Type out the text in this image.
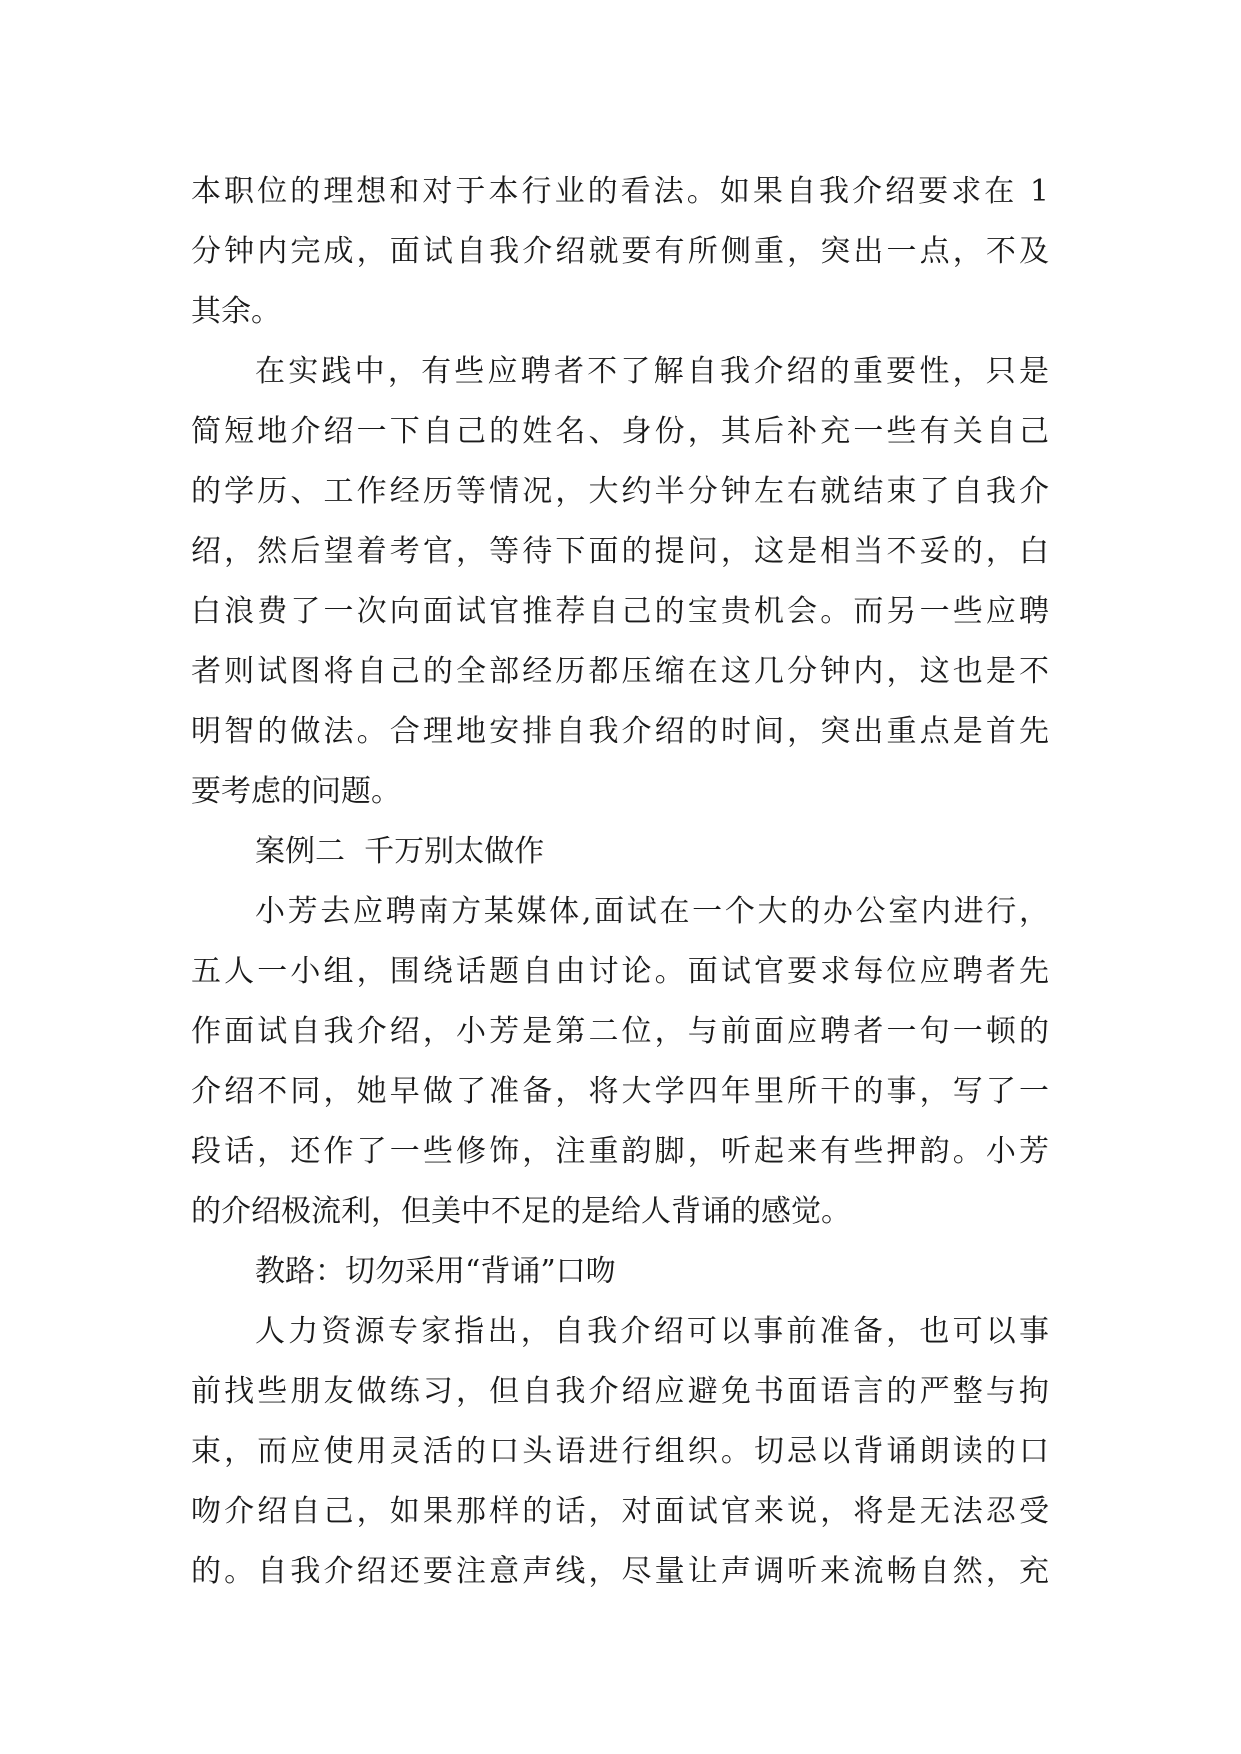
本职位的理想和对于本行业的看法。如果自我介绍要求在 1
分钟内完成，面试自我介绍就要有所侧重，突出一点，不及
其余。
在实践中，有些应聘者不了解自我介绍的重要性，只是
简短地介绍一下自己的姓名、身份，其后补充一些有关自己
的学历、工作经历等情况，大约半分钟左右就结束了自我介
绍，然后望着考官，等待下面的提问，这是相当不妥的，白
白浪费了一次向面试官推荐自己的宝贵机会。而另一些应聘
者则试图将自己的全部经历都压缩在这几分钟内，这也是不
明智的做法。合理地安排自我介绍的时间，突出重点是首先
要考虑的问题。
案例二  千万别太做作
小芳去应聘南方某媒体,面试在一个大的办公室内进行，
五人一小组，围绕话题自由讨论。面试官要求每位应聘者先
作面试自我介绍，小芳是第二位，与前面应聘者一句一顿的
介绍不同，她早做了准备，将大学四年里所干的事，写了一
段话，还作了一些修饰，注重韵脚，听起来有些押韵。小芳
的介绍极流利，但美中不足的是给人背诵的感觉。
教路：切勿采用“背诵”口吻
人力资源专家指出，自我介绍可以事前准备，也可以事
前找些朋友做练习，但自我介绍应避免书面语言的严整与拘
束，而应使用灵活的口头语进行组织。切忌以背诵朗读的口
吻介绍自己，如果那样的话，对面试官来说，将是无法忍受
的。自我介绍还要注意声线，尽量让声调听来流畅自然，充
